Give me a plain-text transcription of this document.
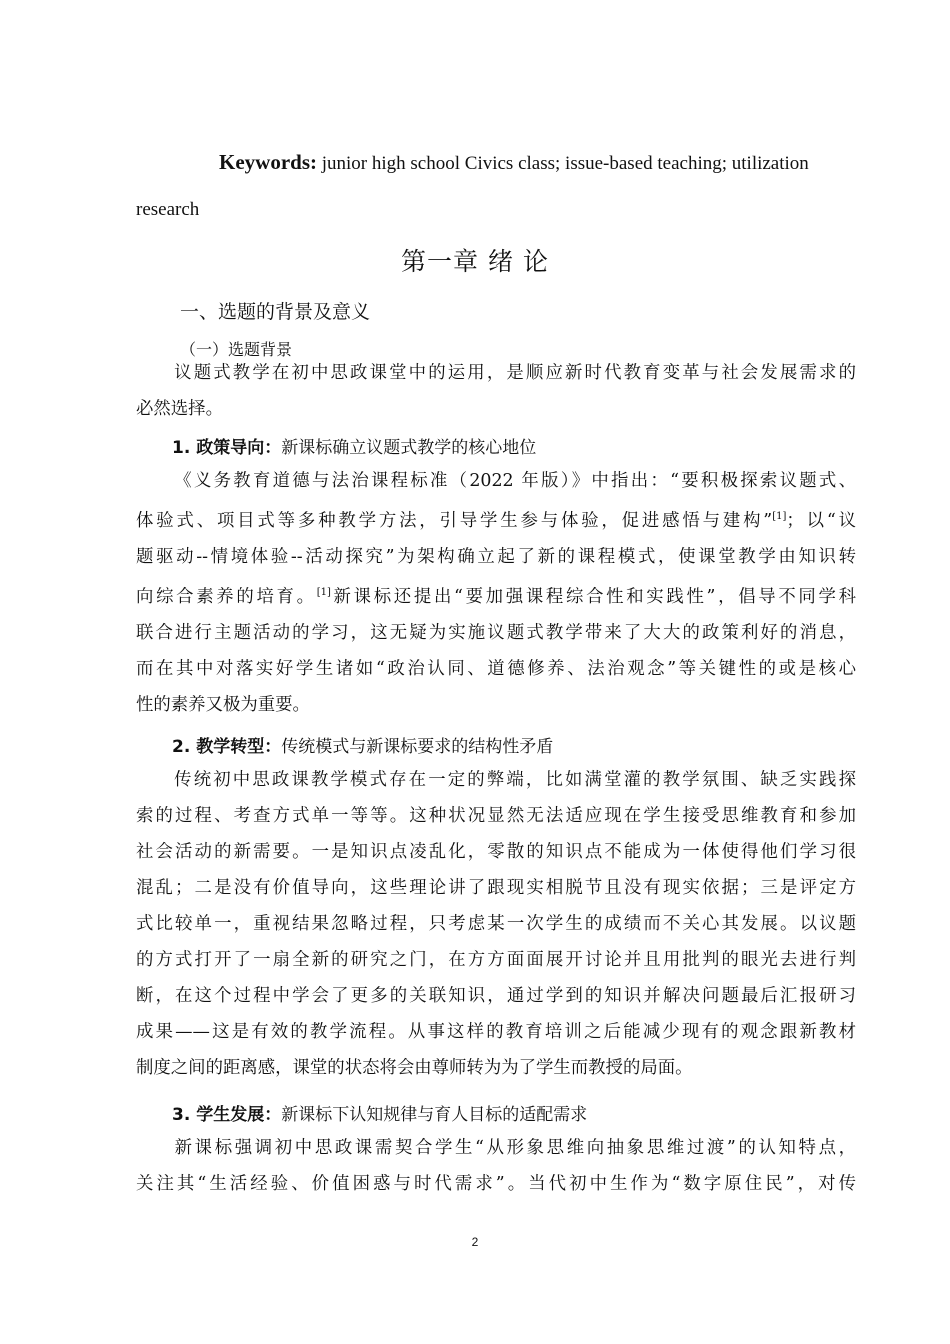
Keywords: junior high school Civics class; issue-based teaching; utilization

research

第一章 绪 论
一、选题的背景及意义
（一）选题背景
议题式教学在初中思政课堂中的运用，是顺应新时代教育变革与社会发展需求的
必然选择。
1. 政策导向：新课标确立议题式教学的核心地位
《义务教育道德与法治课程标准（2022 年版）》中指出：“要积极探索议题式、
体验式、项目式等多种教学方法，引导学生参与体验，促进感悟与建构”[1]；以“议
题驱动--情境体验--活动探究”为架构确立起了新的课程模式，使课堂教学由知识转
向综合素养的培育。[1]新课标还提出“要加强课程综合性和实践性”，倡导不同学科
联合进行主题活动的学习，这无疑为实施议题式教学带来了大大的政策利好的消息，
而在其中对落实好学生诸如“政治认同、道德修养、法治观念”等关键性的或是核心
性的素养又极为重要。
2. 教学转型：传统模式与新课标要求的结构性矛盾
传统初中思政课教学模式存在一定的弊端，比如满堂灌的教学氛围、缺乏实践探
索的过程、考查方式单一等等。这种状况显然无法适应现在学生接受思维教育和参加
社会活动的新需要。一是知识点凌乱化，零散的知识点不能成为一体使得他们学习很
混乱；二是没有价值导向，这些理论讲了跟现实相脱节且没有现实依据；三是评定方
式比较单一，重视结果忽略过程，只考虑某一次学生的成绩而不关心其发展。以议题
的方式打开了一扇全新的研究之门，在方方面面展开讨论并且用批判的眼光去进行判
断，在这个过程中学会了更多的关联知识，通过学到的知识并解决问题最后汇报研习
成果——这是有效的教学流程。从事这样的教育培训之后能减少现有的观念跟新教材
制度之间的距离感，课堂的状态将会由尊师转为为了学生而教授的局面。
3. 学生发展：新课标下认知规律与育人目标的适配需求
新课标强调初中思政课需契合学生“从形象思维向抽象思维过渡”的认知特点，
关注其“生活经验、价值困惑与时代需求”。当代初中生作为“数字原住民”，对传
2
